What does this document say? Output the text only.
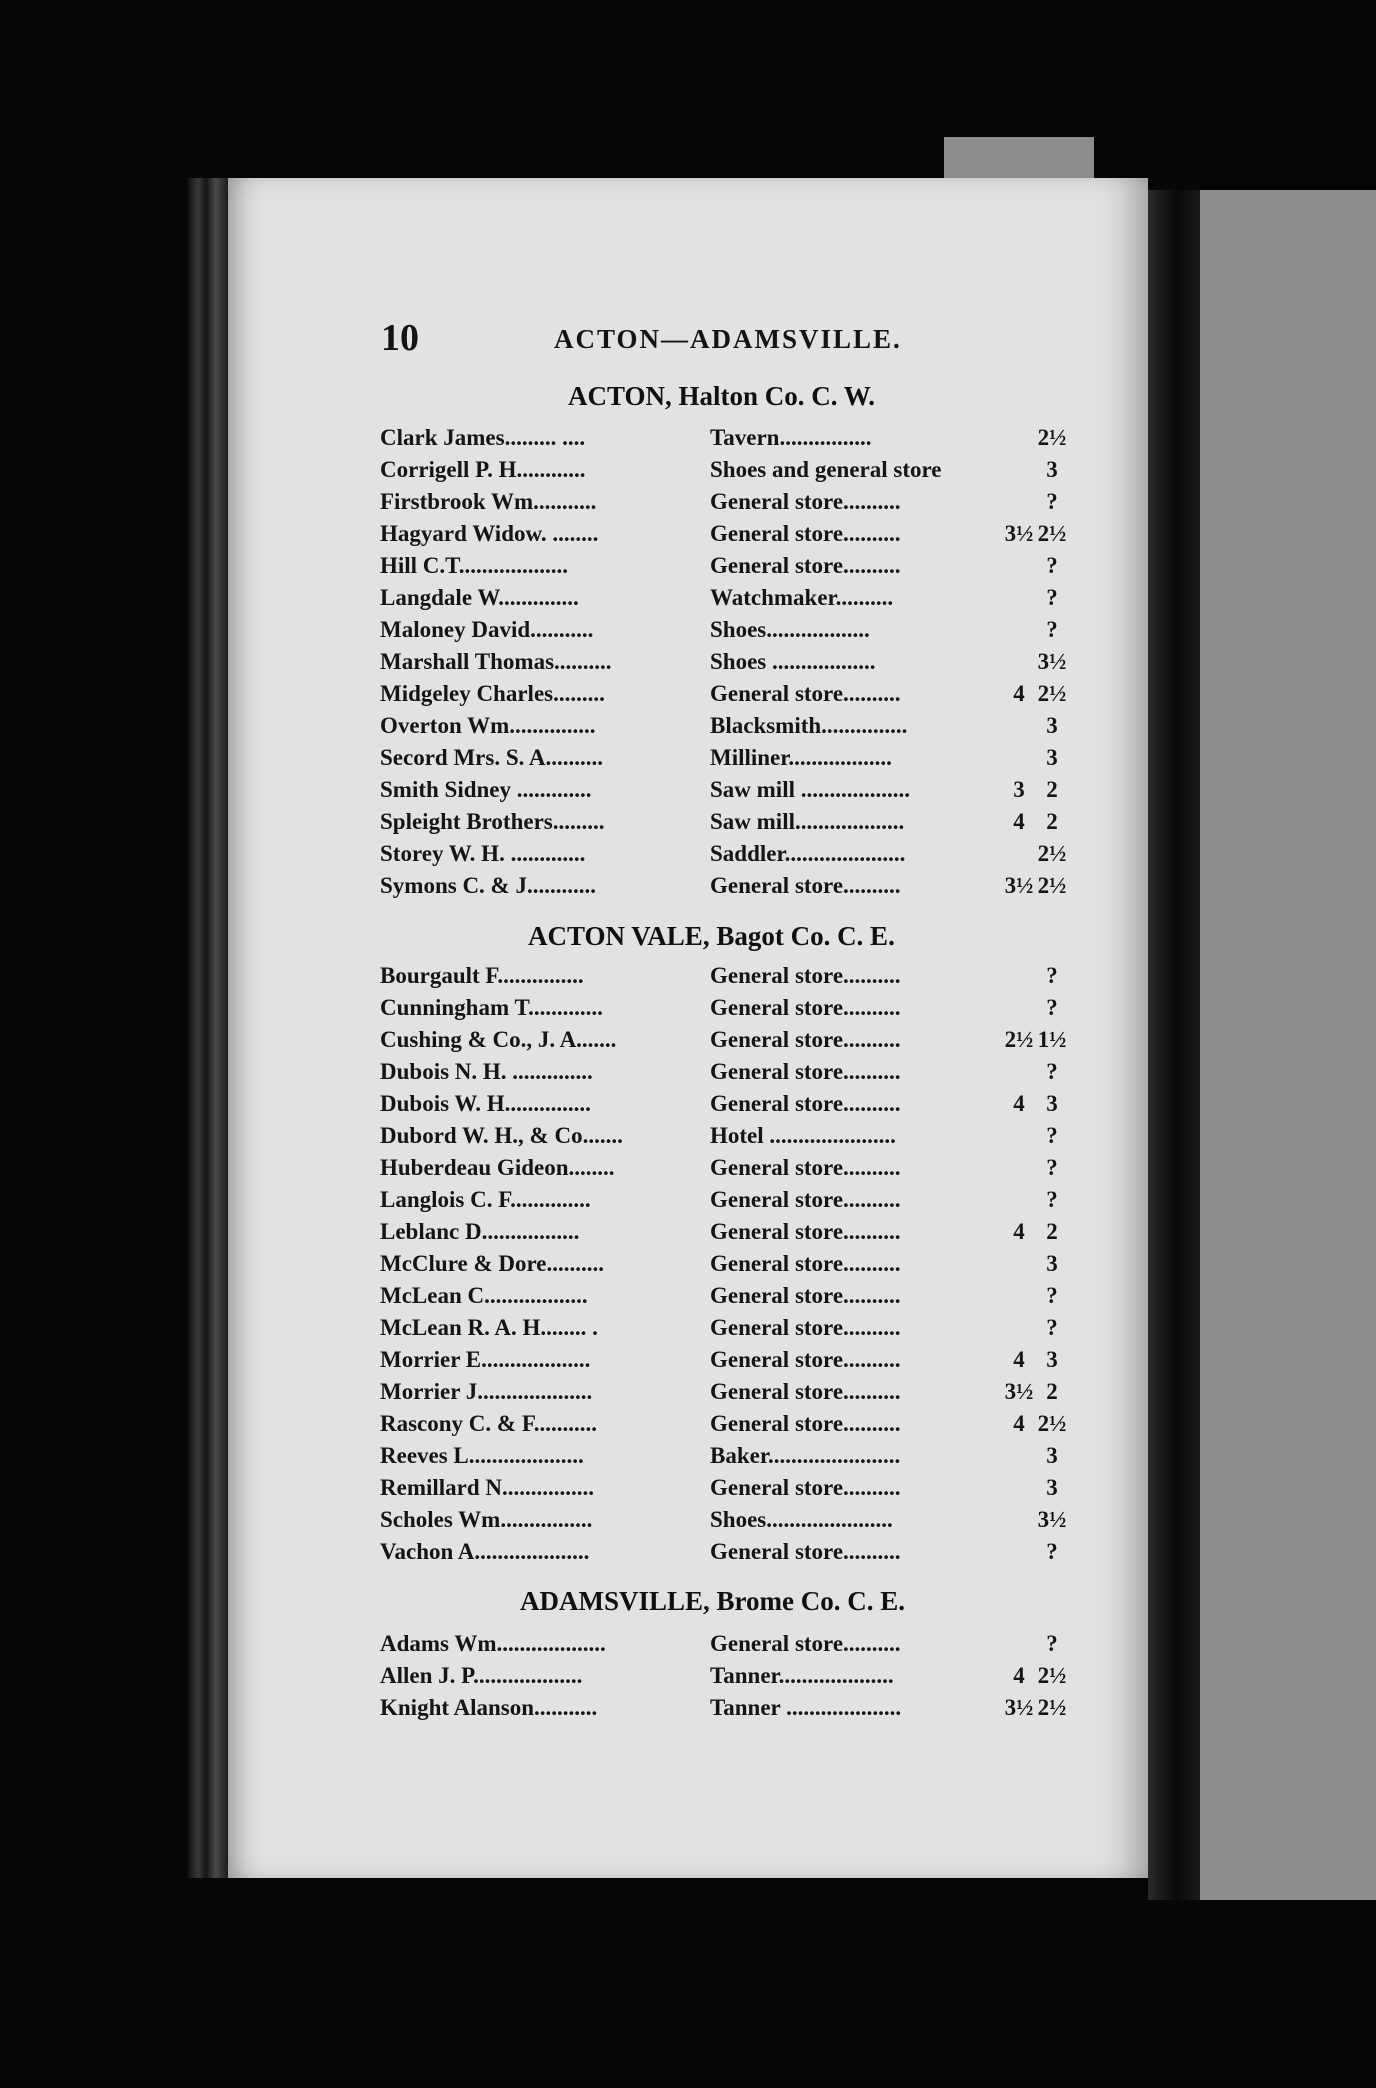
10	ACTON—ADAMSVILLE.
ACTON, Halton Co. C. W.
Clark James......... ....	Tavern................	2½
Corrigell P. H............	Shoes and general store	3
Firstbrook Wm...........	General store..........	?
Hagyard Widow. ........	General store..........	3½ 2½
Hill C.T...................	General store..........	?
Langdale W..............	Watchmaker..........	?
Maloney David...........	Shoes..................	?
Marshall Thomas..........	Shoes ..................	3½
Midgeley Charles.........	General store..........	4 2½
Overton Wm...............	Blacksmith...............	3
Secord Mrs. S. A..........	Milliner..................	3
Smith Sidney .............	Saw mill ...................	3 2
Spleight Brothers.........	Saw mill...................	4 2
Storey W. H. .............	Saddler.....................	2½
Symons C. & J............	General store..........	3½ 2½
ACTON VALE, Bagot Co. C. E.
Bourgault F...............	General store..........	?
Cunningham T.............	General store..........	?
Cushing & Co., J. A.......	General store..........	2½ 1½
Dubois N. H. ..............	General store..........	?
Dubois W. H...............	General store..........	4 3
Dubord W. H., & Co.......	Hotel ......................	?
Huberdeau Gideon........	General store..........	?
Langlois C. F..............	General store..........	?
Leblanc D.................	General store..........	4 2
McClure & Dore..........	General store..........	3
McLean C..................	General store..........	?
McLean R. A. H........ .	General store..........	?
Morrier E...................	General store..........	4 3
Morrier J....................	General store..........	3½ 2
Rascony C. & F...........	General store..........	4 2½
Reeves L....................	Baker.......................	3
Remillard N................	General store..........	3
Scholes Wm................	Shoes......................	3½
Vachon A....................	General store..........	?
ADAMSVILLE, Brome Co. C. E.
Adams Wm...................	General store..........	?
Allen J. P...................	Tanner....................	4 2½
Knight Alanson...........	Tanner ....................	3½ 2½
